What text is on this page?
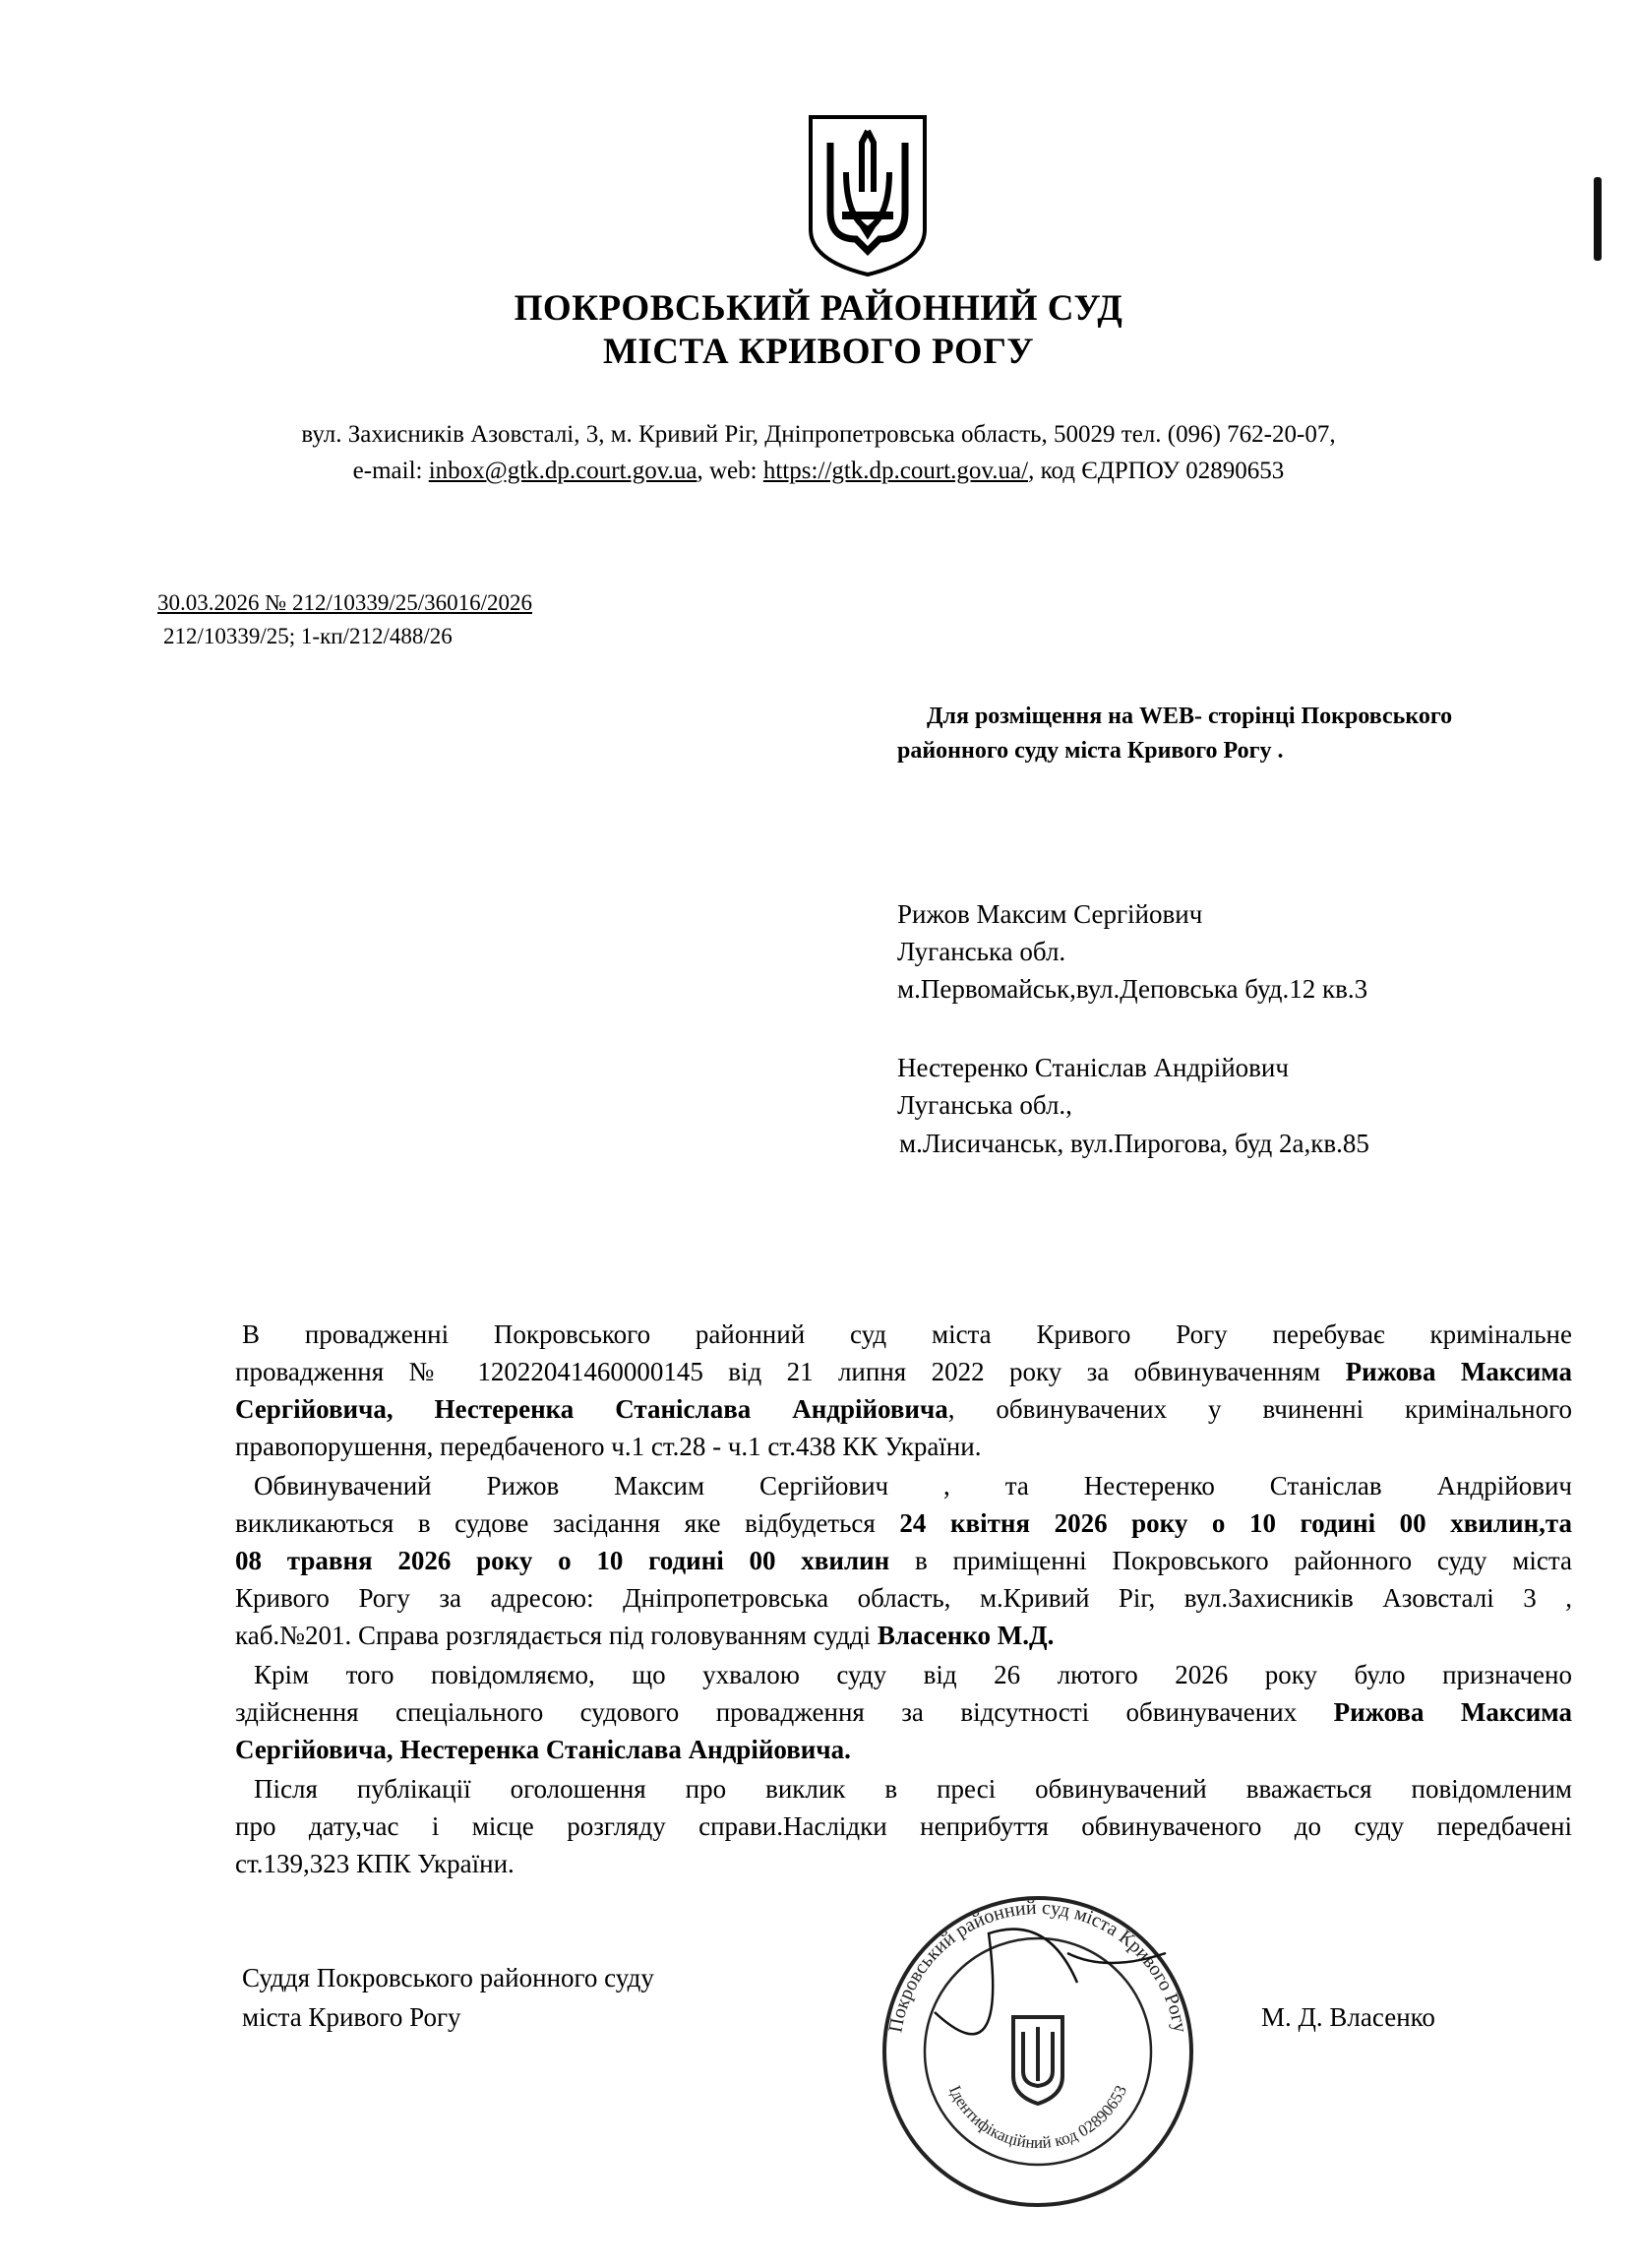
ПОКРОВСЬКИЙ РАЙОННИЙ СУД
МІСТА КРИВОГО РОГУ
вул. Захисників Азовсталі, 3, м. Кривий Ріг, Дніпропетровська область, 50029 тел. (096) 762-20-07,
e-mail: inbox@gtk.dp.court.gov.ua, web: https://gtk.dp.court.gov.ua/, код ЄДРПОУ 02890653
30.03.2026 № 212/10339/25/36016/2026
212/10339/25; 1-кп/212/488/26
Для розміщення на WEB- сторінці Покровського
районного суду міста Кривого Рогу .
Рижов Максим Сергійович
Луганська обл.
м.Первомайськ,вул.Деповська буд.12 кв.3
Нестеренко Станіслав Андрійович
Луганська обл.,
м.Лисичанськ, вул.Пирогова, буд 2а,кв.85
В провадженні Покровського районний суд міста Кривого Рогу перебуває кримінальне
провадження № 12022041460000145 від 21 липня 2022 року за обвинуваченням Рижова Максима
Сергійовича, Нестеренка Станіслава Андрійовича, обвинувачених у вчиненні кримінального
правопорушення, передбаченого ч.1 ст.28 - ч.1 ст.438 КК України.
Обвинувачений Рижов Максим Сергійович , та Нестеренко Станіслав Андрійович
викликаються в судове засідання яке відбудеться 24 квітня 2026 року о 10 годині 00 хвилин,та
08 травня 2026 року о 10 годині 00 хвилин в приміщенні Покровського районного суду міста
Кривого Рогу за адресою: Дніпропетровська область, м.Кривий Ріг, вул.Захисників Азовсталі 3 ,
каб.№201. Справа розглядається під головуванням судді Власенко М.Д.
Крім того повідомляємо, що ухвалою суду від 26 лютого 2026 року було призначено
здійснення спеціального судового провадження за відсутності обвинувачених Рижова Максима
Сергійовича, Нестеренка Станіслава Андрійовича.
Після публікації оголошення про виклик в пресі обвинувачений вважається повідомленим
про дату,час і місце розгляду справи.Наслідки неприбуття обвинуваченого до суду передбачені
ст.139,323 КПК України.
Суддя Покровського районного суду
міста Кривого Рогу	М. Д. Власенко
Покровський районний суд міста Кривого Рогу
Ідентифікаційний код 02890653
